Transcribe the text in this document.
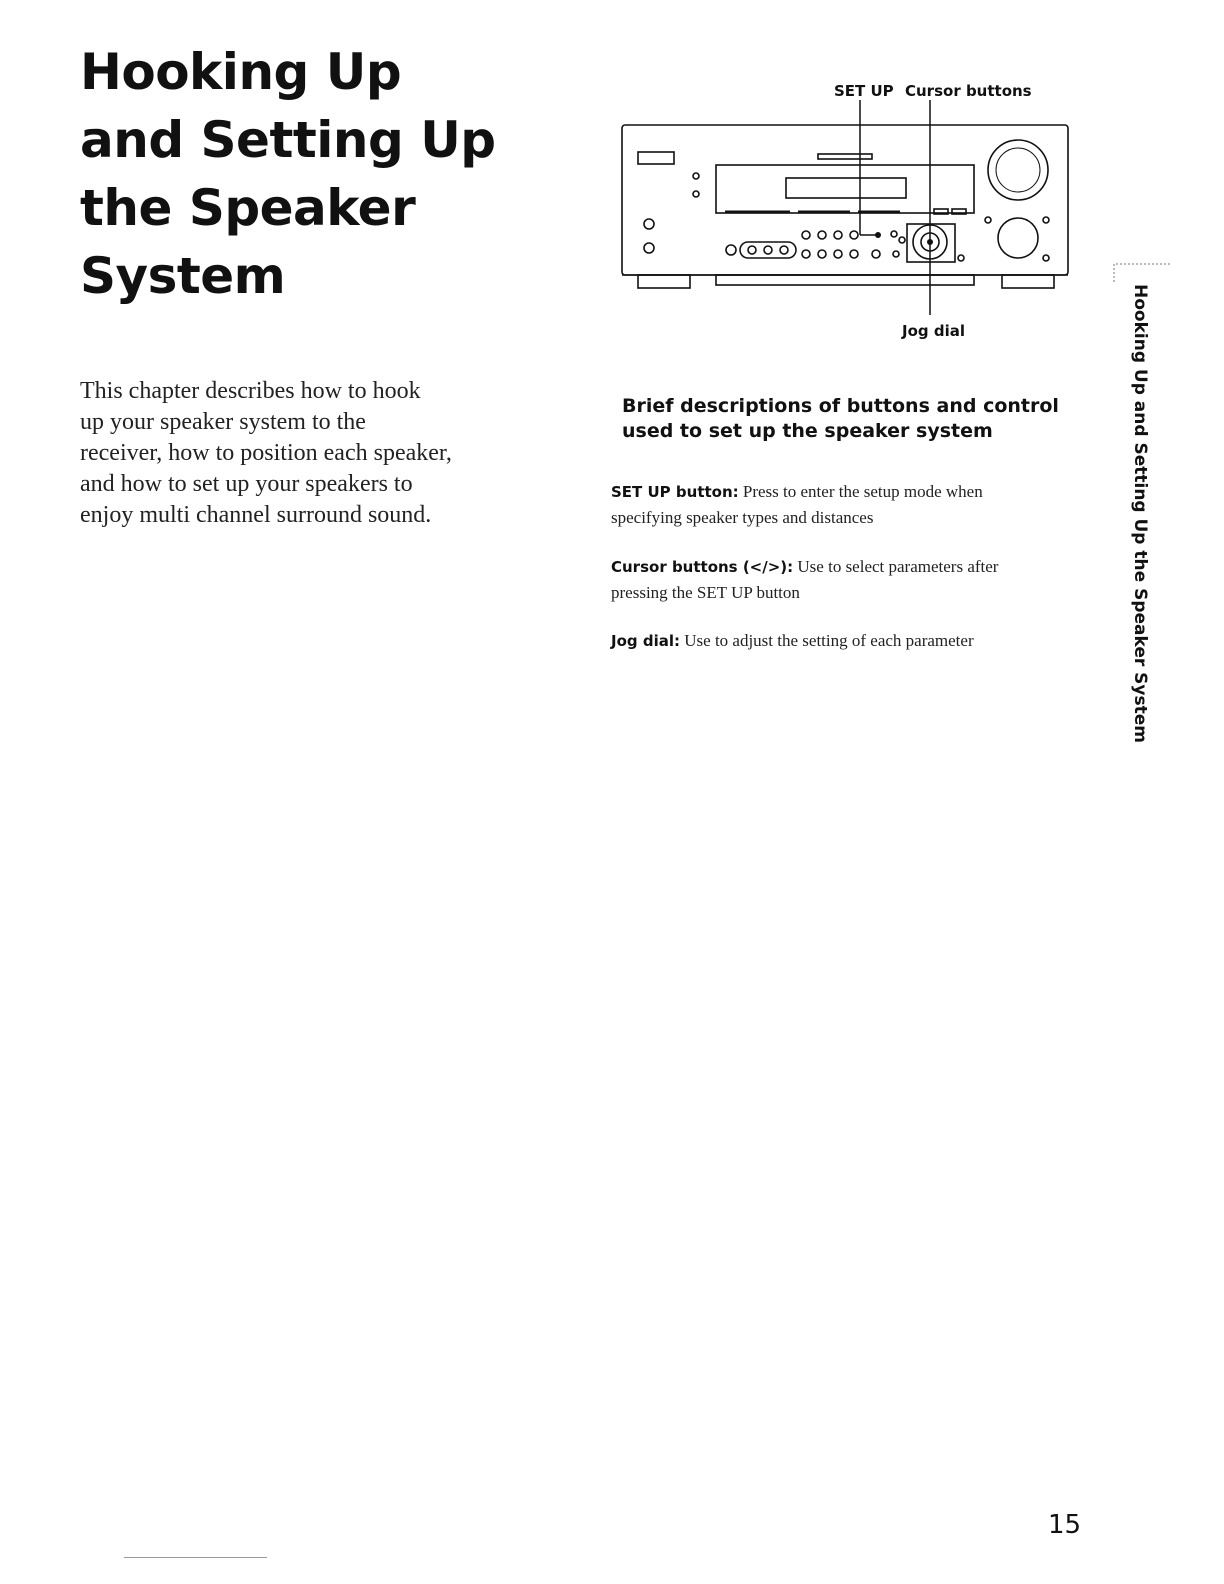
Hooking Up
and Setting Up
the Speaker
System
This chapter describes how to hook
up your speaker system to the
receiver, how to position each speaker,
and how to set up your speakers to
enjoy multi channel surround sound.
SET UP Cursor buttons
Jog dial
Brief descriptions of buttons and control
used to set up the speaker system
SET UP button: Press to enter the setup mode when
specifying speaker types and distances
Cursor buttons (</>): Use to select parameters after
pressing the SET UP button
Jog dial: Use to adjust the setting of each parameter	Hooking Up and Setting Up the Speaker System
15
